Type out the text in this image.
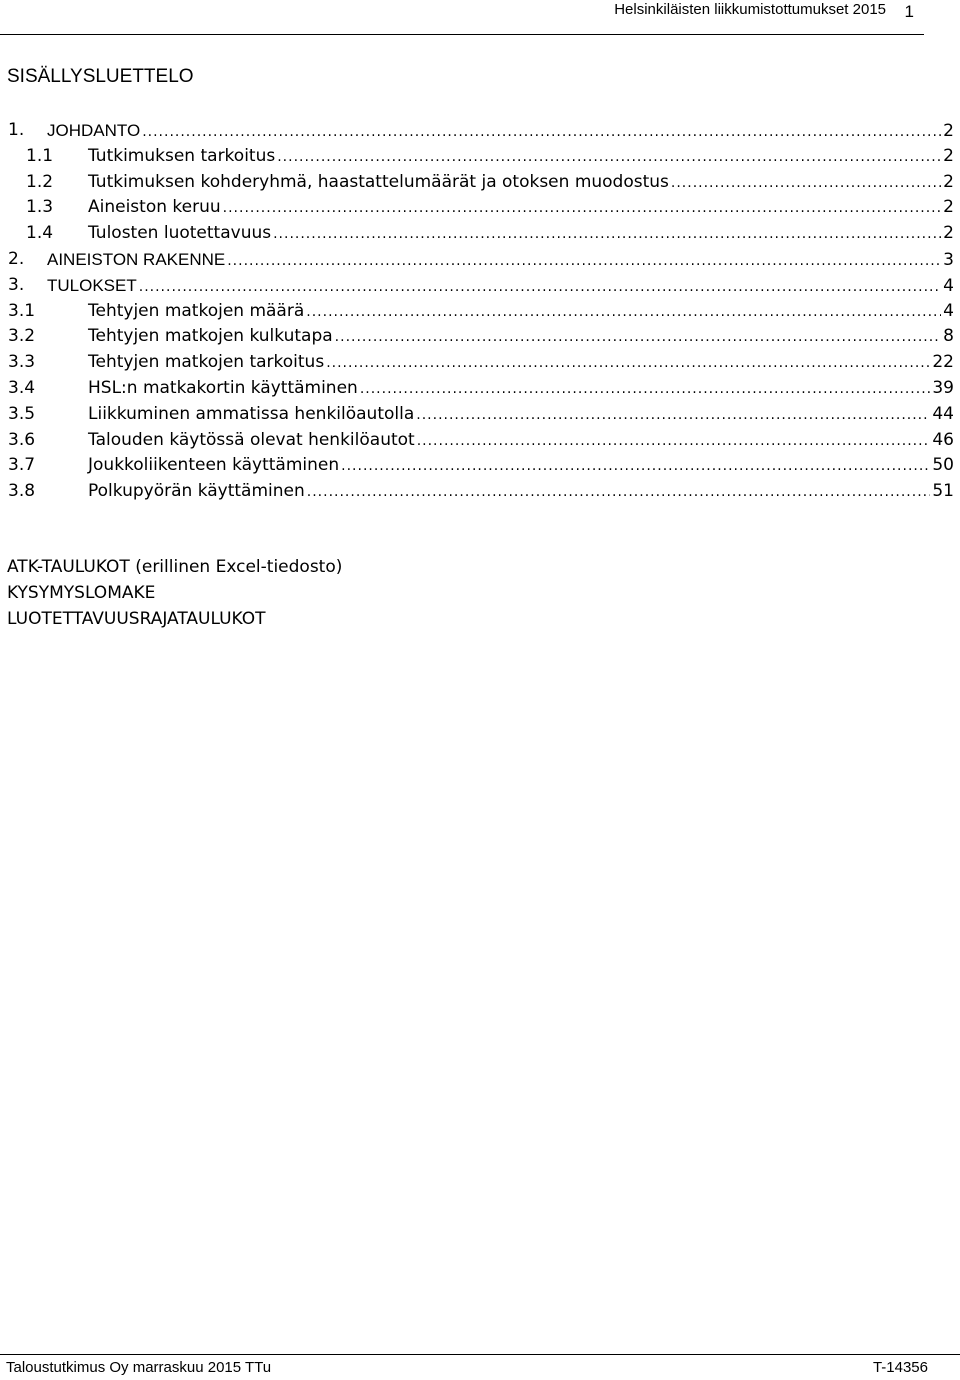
Helsinkiläisten liikkumistottumukset 2015 1
SISÄLLYSLUETTELO
1. JOHDANTO .....	2
1.1 Tutkimuksen tarkoitus .....	2
1.2 Tutkimuksen kohderyhmä, haastattelumäärät ja otoksen muodostus .....	2
1.3 Aineiston keruu .....	2
1.4 Tulosten luotettavuus .....	2
2. AINEISTON RAKENNE .....	3
3. TULOKSET .....	4
3.1	Tehtyjen matkojen määrä .....	4
3.2	Tehtyjen matkojen kulkutapa .....	8
3.3	Tehtyjen matkojen tarkoitus .....	22
3.4	HSL:n matkakortin käyttäminen .....	39
3.5	Liikkuminen ammatissa henkilöautolla .....	44
3.6	Talouden käytössä olevat henkilöautot .....	46
3.7	Joukkoliikenteen käyttäminen .....	50
3.8	Polkupyörän käyttäminen .....	51
ATK-TAULUKOT (erillinen Excel-tiedosto)
KYSYMYSLOMAKE
LUOTETTAVUUSRAJATAULUKOT
Taloustutkimus Oy marraskuu 2015 TTu	T-14356
